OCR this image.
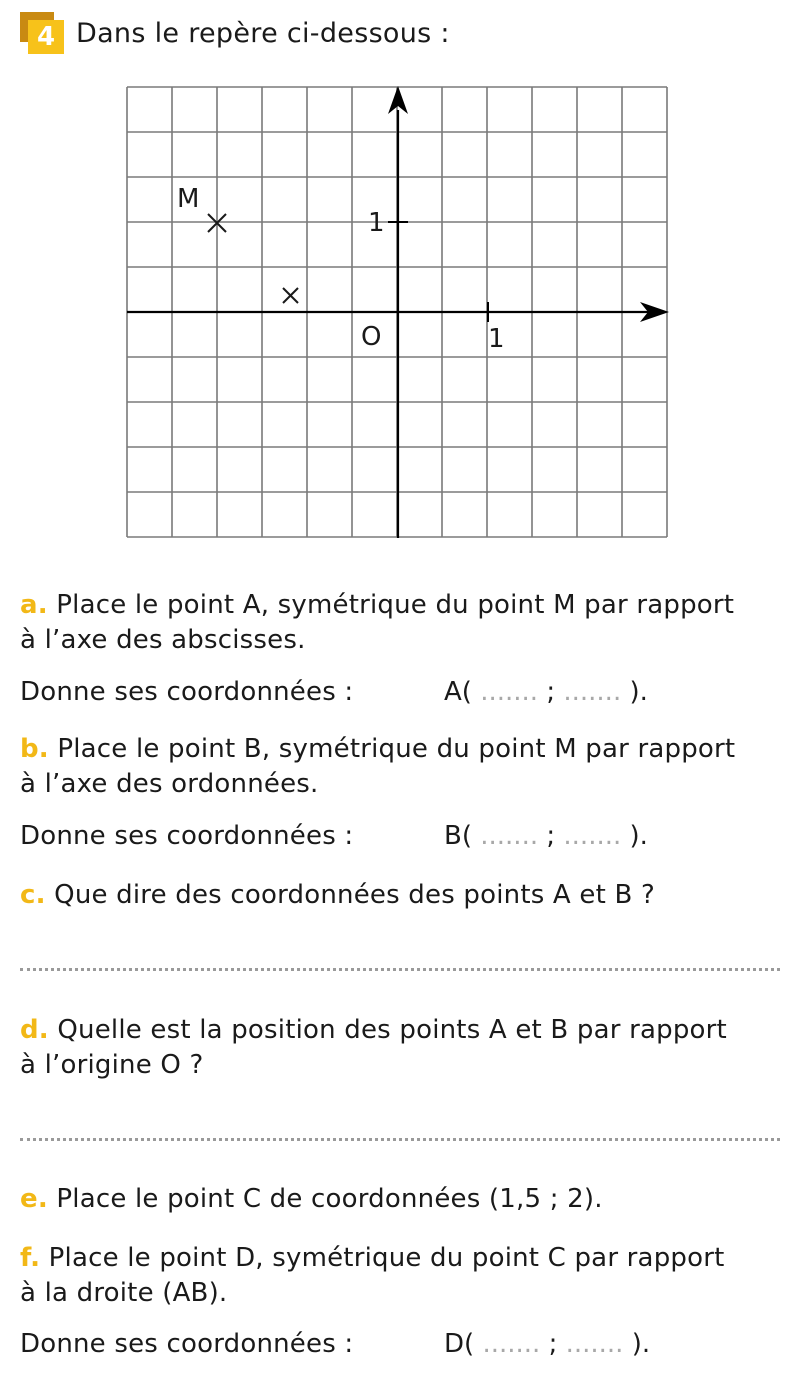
4 Dans le repère ci-dessous :
O	1
1
M
a. Place le point A, symétrique du point M par rapport
à l’axe des abscisses.
Donne ses coordonnées :	A( ....... ; ....... ).
b. Place le point B, symétrique du point M par rapport
à l’axe des ordonnées.
Donne ses coordonnées :	B( ....... ; ....... ).
c. Que dire des coordonnées des points A et B ?
d. Quelle est la position des points A et B par rapport
à l’origine O ?
e. Place le point C de coordonnées (1,5 ; 2).
f. Place le point D, symétrique du point C par rapport
à la droite (AB).
Donne ses coordonnées :	D( ....... ; ....... ).
